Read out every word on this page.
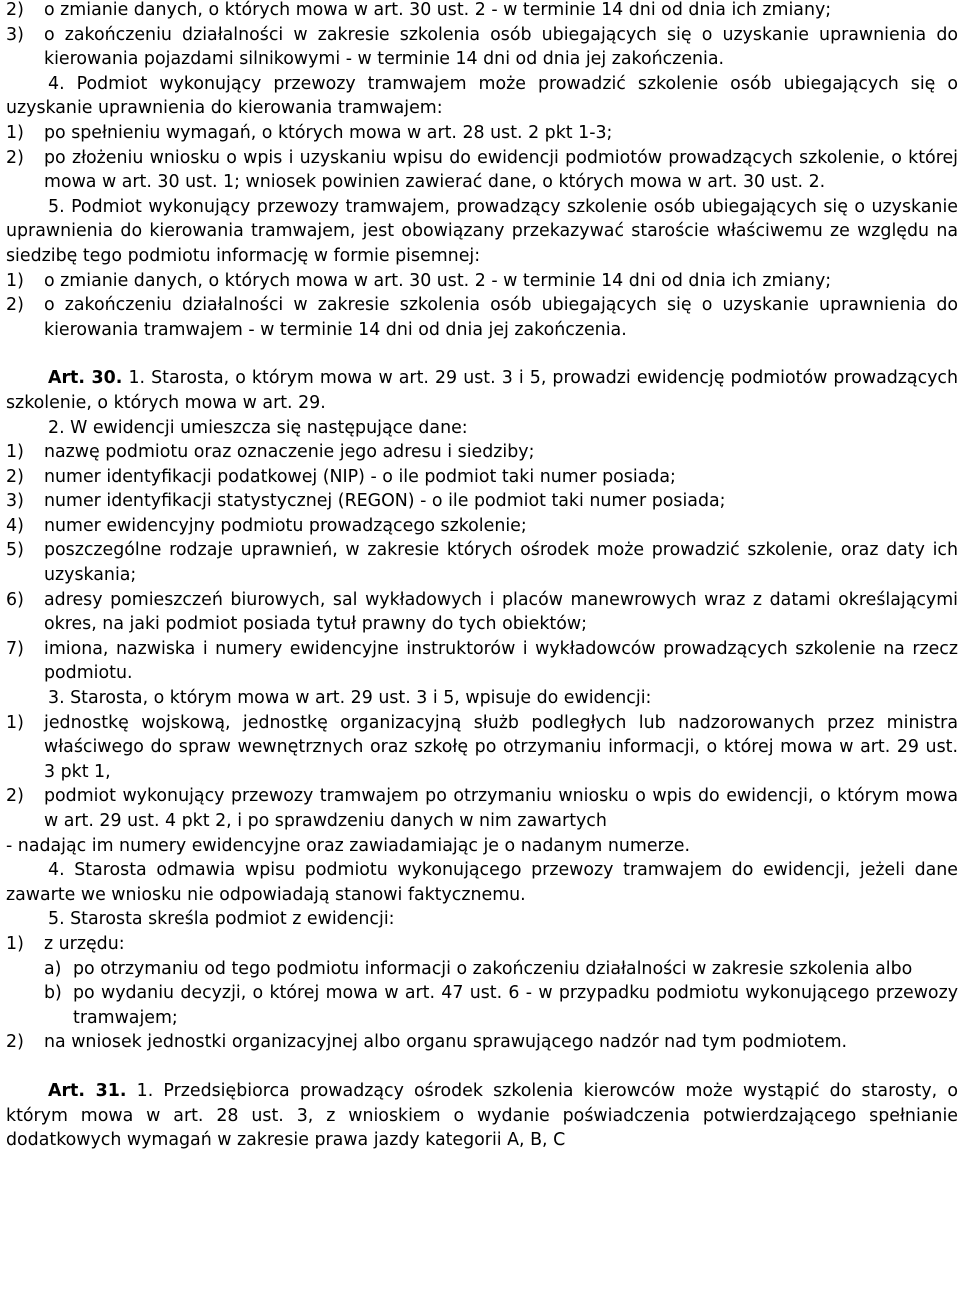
2)	o zmianie danych, o których mowa w art. 30 ust. 2 - w terminie 14 dni od dnia ich zmiany;
3)	o zakończeniu działalności w zakresie szkolenia osób ubiegających się o uzyskanie uprawnienia do kierowania pojazdami silnikowymi - w terminie 14 dni od dnia jej zakończenia.

4. Podmiot wykonujący przewozy tramwajem może prowadzić szkolenie osób ubiegających się o uzyskanie uprawnienia do kierowania tramwajem:

1)	po spełnieniu wymagań, o których mowa w art. 28 ust. 2 pkt 1-3;
2)	po złożeniu wniosku o wpis i uzyskaniu wpisu do ewidencji podmiotów prowadzących szkolenie, o której mowa w art. 30 ust. 1; wniosek powinien zawierać dane, o których mowa w art. 30 ust. 2.

5. Podmiot wykonujący przewozy tramwajem, prowadzący szkolenie osób ubiegających się o uzyskanie uprawnienia do kierowania tramwajem, jest obowiązany przekazywać staroście właściwemu ze względu na siedzibę tego podmiotu informację w formie pisemnej:

1)	o zmianie danych, o których mowa w art. 30 ust. 2 - w terminie 14 dni od dnia ich zmiany;
2)	o zakończeniu działalności w zakresie szkolenia osób ubiegających się o uzyskanie uprawnienia do kierowania tramwajem - w terminie 14 dni od dnia jej zakończenia.

Art. 30. 1. Starosta, o którym mowa w art. 29 ust. 3 i 5, prowadzi ewidencję podmiotów prowadzących szkolenie, o których mowa w art. 29.

2. W ewidencji umieszcza się następujące dane:

1)	nazwę podmiotu oraz oznaczenie jego adresu i siedziby;
2)	numer identyfikacji podatkowej (NIP) - o ile podmiot taki numer posiada;
3)	numer identyfikacji statystycznej (REGON) - o ile podmiot taki numer posiada;
4)	numer ewidencyjny podmiotu prowadzącego szkolenie;
5)	poszczególne rodzaje uprawnień, w zakresie których ośrodek może prowadzić szkolenie, oraz daty ich uzyskania;
6)	adresy pomieszczeń biurowych, sal wykładowych i placów manewrowych wraz z datami określającymi okres, na jaki podmiot posiada tytuł prawny do tych obiektów;
7)	imiona, nazwiska i numery ewidencyjne instruktorów i wykładowców prowadzących szkolenie na rzecz podmiotu.

3. Starosta, o którym mowa w art. 29 ust. 3 i 5, wpisuje do ewidencji:

1)	jednostkę wojskową, jednostkę organizacyjną służb podległych lub nadzorowanych przez ministra właściwego do spraw wewnętrznych oraz szkołę po otrzymaniu informacji, o której mowa w art. 29 ust. 3 pkt 1,
2)	podmiot wykonujący przewozy tramwajem po otrzymaniu wniosku o wpis do ewidencji, o którym mowa w art. 29 ust. 4 pkt 2, i po sprawdzeniu danych w nim zawartych

- nadając im numery ewidencyjne oraz zawiadamiając je o nadanym numerze.

4. Starosta odmawia wpisu podmiotu wykonującego przewozy tramwajem do ewidencji, jeżeli dane zawarte we wniosku nie odpowiadają stanowi faktycznemu.

5. Starosta skreśla podmiot z ewidencji:

1)	z urzędu:
a) po otrzymaniu od tego podmiotu informacji o zakończeniu działalności w zakresie szkolenia albo
b) po wydaniu decyzji, o której mowa w art. 47 ust. 6 - w przypadku podmiotu wykonującego przewozy tramwajem;
2)	na wniosek jednostki organizacyjnej albo organu sprawującego nadzór nad tym podmiotem.

Art. 31. 1. Przedsiębiorca prowadzący ośrodek szkolenia kierowców może wystąpić do starosty, o którym mowa w art. 28 ust. 3, z wnioskiem o wydanie poświadczenia potwierdzającego spełnianie dodatkowych wymagań w zakresie prawa jazdy kategorii A, B, C
